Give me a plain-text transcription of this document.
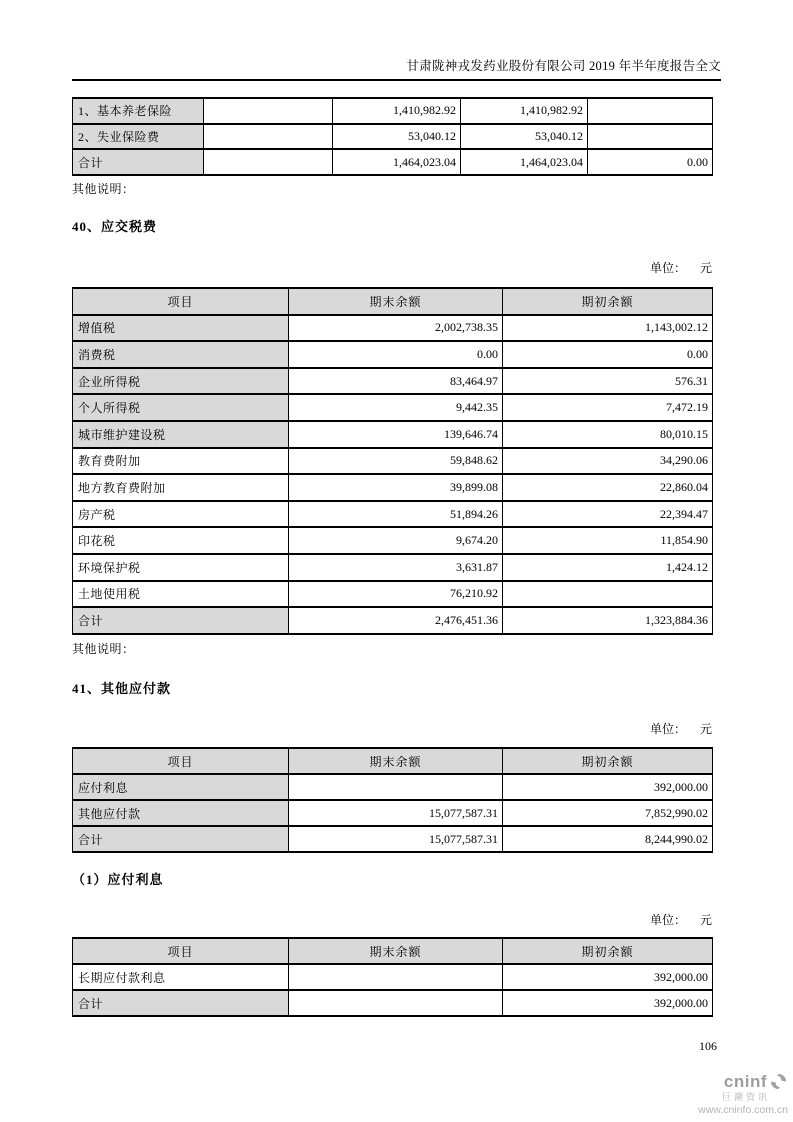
甘肃陇神戎发药业股份有限公司 2019 年半年度报告全文
1、基本养老保险		1,410,982.92	1,410,982.92	
2、失业保险费		53,040.12	53,040.12	
合计		1,464,023.04	1,464,023.04	0.00
其他说明：
40、应交税费
单位： 元
项目	期末余额	期初余额
增值税	2,002,738.35	1,143,002.12
消费税	0.00	0.00
企业所得税	83,464.97	576.31
个人所得税	9,442.35	7,472.19
城市维护建设税	139,646.74	80,010.15
教育费附加	59,848.62	34,290.06
地方教育费附加	39,899.08	22,860.04
房产税	51,894.26	22,394.47
印花税	9,674.20	11,854.90
环境保护税	3,631.87	1,424.12
土地使用税	76,210.92	
合计	2,476,451.36	1,323,884.36
其他说明：
41、其他应付款
单位： 元
项目	期末余额	期初余额
应付利息		392,000.00
其他应付款	15,077,587.31	7,852,990.02
合计	15,077,587.31	8,244,990.02
（1）应付利息
单位： 元
项目	期末余额	期初余额
长期应付款利息		392,000.00
合计		392,000.00
106
cninf
巨潮资讯
www.cninfo.com.cn
